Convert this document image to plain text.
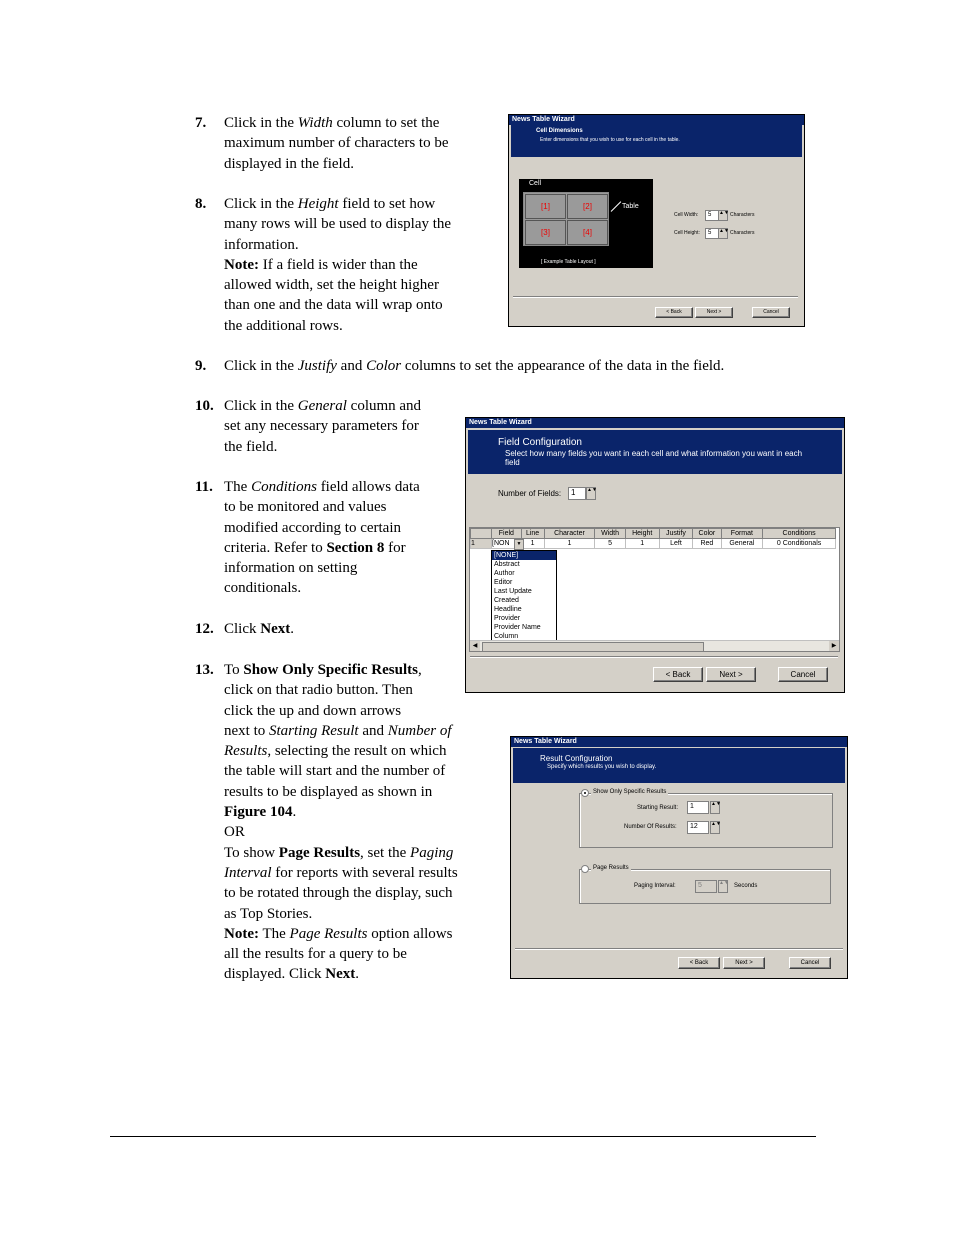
7. Click in the Width column to set the
maximum number of characters to be
displayed in the field.
8. Click in the Height field to set how
many rows will be used to display the
information.
Note: If a field is wider than the
allowed width, set the height higher
than one and the data will wrap onto
the additional rows.
9. Click in the Justify and Color columns to set the appearance of the data in the field.
10. Click in the General column and
set any necessary parameters for
the field.
11. The Conditions field allows data
to be monitored and values
modified according to certain
criteria. Refer to Section 8 for
information on setting
conditionals.
12. Click Next.
13. To Show Only Specific Results,
click on that radio button. Then
click the up and down arrows
next to Starting Result and Number of
Results, selecting the result on which
the table will start and the number of
results to be displayed as shown in
Figure 104.
OR
To show Page Results, set the Paging
Interval for reports with several results
to be rotated through the display, such
as Top Stories.
Note: The Page Results option allows
all the results for a query to be
displayed. Click Next.
News Table Wizard
Cell Dimensions
Enter dimensions that you wish to use for each cell in the table.
Cell
[1]	[2]
[3]	[4]
Table
[ Example Table Layout ]
Cell Width:	5	▲▼ Characters
Cell Height:	5	▲▼ Characters
< Back	Next >	Cancel
News Table Wizard
Field Configuration
Select how many fields you want in each cell and what information you want in each
field
Number of Fields:	1	▲▼
	Field	Line	Character	Width	Height	Justify	Color	Format	Conditions
1	[NON	1	1	5	1	Left	Red	General	0 Conditionals
▼
[NONE]
Abstract
Author
Editor
Last Update
Created
Headline
Provider
Provider Name
Column
◀	▶
< Back	Next >	Cancel
News Table Wizard
Result Configuration
Specify which results you wish to display.
Show Only Specific Results
Starting Result:	1	▲▼
Number Of Results:	12	▲▼
Page Results
Paging Interval:	5	▲▼ Seconds
< Back	Next >	Cancel
